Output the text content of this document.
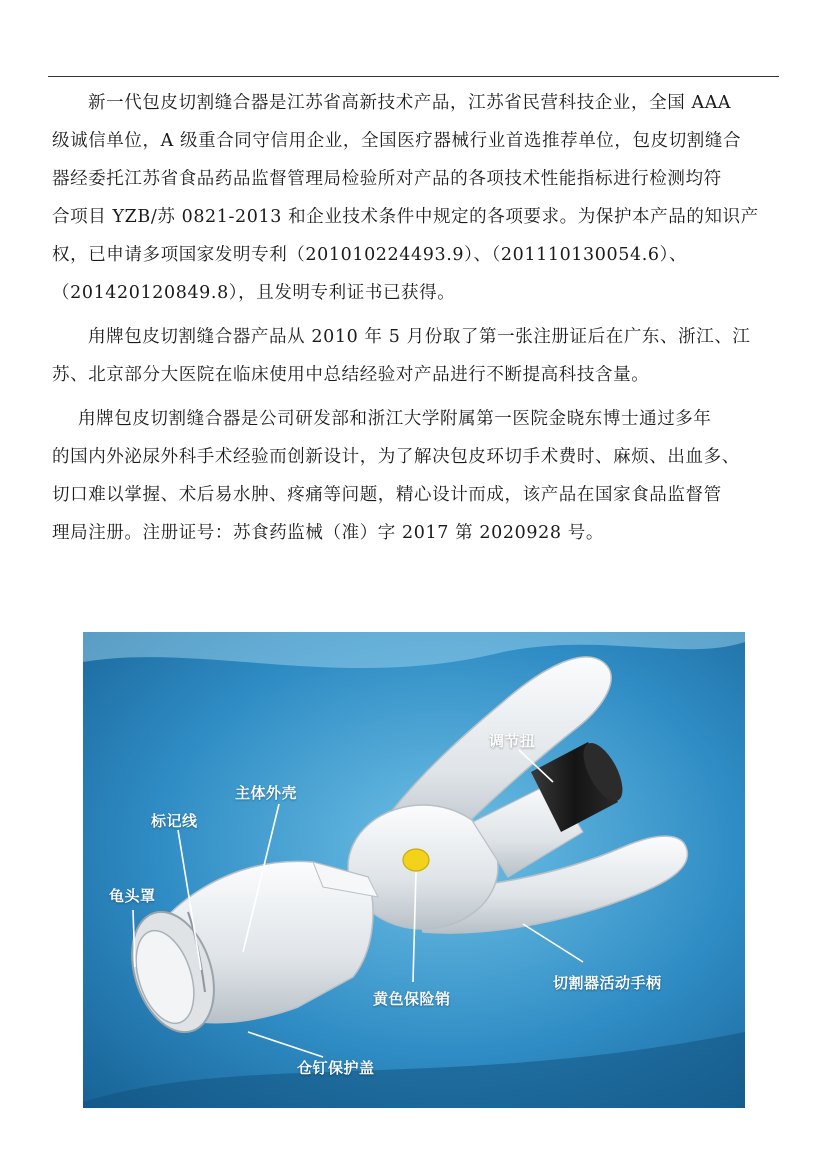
新一代包皮切割缝合器是江苏省高新技术产品，江苏省民营科技企业，全国 AAA
级诚信单位，A 级重合同守信用企业，全国医疗器械行业首选推荐单位，包皮切割缝合
器经委托江苏省食品药品监督管理局检验所对产品的各项技术性能指标进行检测均符
合项目 YZB/苏 0821-2013 和企业技术条件中规定的各项要求。为保护本产品的知识产
权，已申请多项国家发明专利（201010224493.9）、（201110130054.6）、
（201420120849.8），且发明专利证书已获得。
甪牌包皮切割缝合器产品从 2010 年 5 月份取了第一张注册证后在广东、浙江、江
苏、北京部分大医院在临床使用中总结经验对产品进行不断提高科技含量。
甪牌包皮切割缝合器是公司研发部和浙江大学附属第一医院金晓东博士通过多年
的国内外泌尿外科手术经验而创新设计，为了解决包皮环切手术费时、麻烦、出血多、
切口难以掌握、术后易水肿、疼痛等问题，精心设计而成，该产品在国家食品监督管
理局注册。注册证号：苏食药监械（准）字 2017 第 2020928 号。
调节扭
主体外壳
标记线
龟头罩
黄色保险销
切割器活动手柄
仓钉保护盖
